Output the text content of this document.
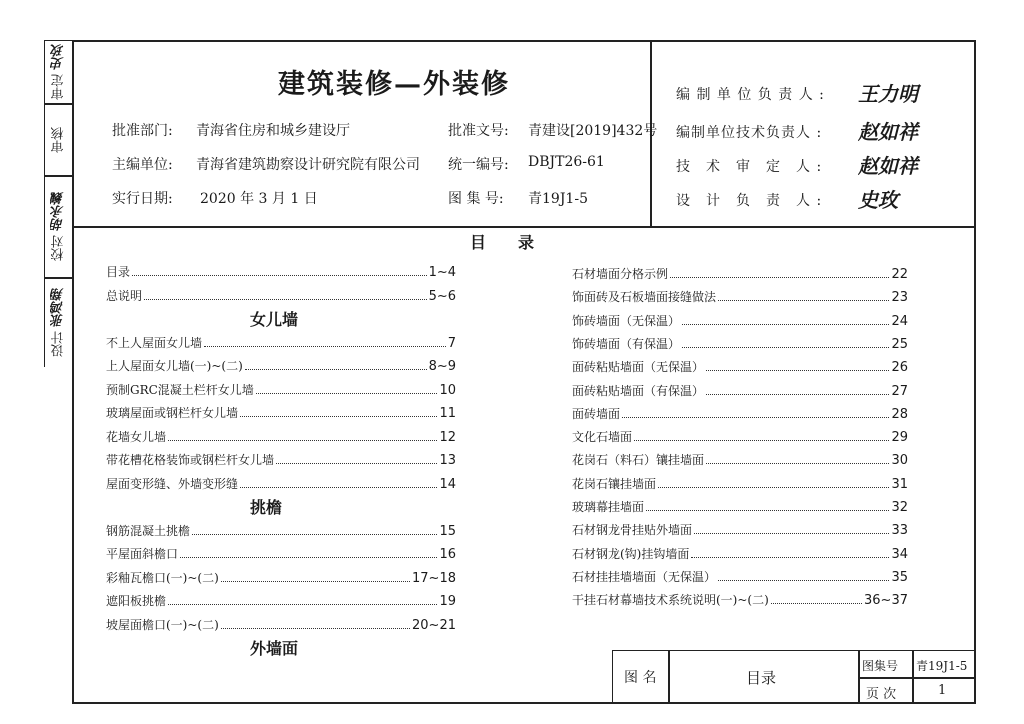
审定
史玫
审核
校对
胡永巍
设计
张鸿翔
建筑装修—外装修
批准部门: 青海省住房和城乡建设厅	批准文号: 青建设[2019]432号
主编单位: 青海省建筑勘察设计研究院有限公司 统一编号: DBJT26-61
实行日期: 2020 年 3 月 1 日	图 集 号: 青19J1-5
编 制 单 位 负 责 人 : 王力明
编制单位技术负责人 : 赵如祥
技　术　审　定　人 : 赵如祥
设　计　负　责　人 : 史玫
目　　录
目录	1~4
总说明	5~6
女儿墙
不上人屋面女儿墙	7
上人屋面女儿墙(一)~(二)	8~9
预制GRC混凝土栏杆女儿墙	10
玻璃屋面或钢栏杆女儿墙	11
花墙女儿墙	12
带花槽花格装饰或钢栏杆女儿墙	13
屋面变形缝、外墙变形缝	14
挑檐
钢筋混凝土挑檐	15
平屋面斜檐口	16
彩釉瓦檐口(一)~(二)	17~18
遮阳板挑檐	19
坡屋面檐口(一)~(二)	20~21
外墙面
石材墙面分格示例	22
饰面砖及石板墙面接缝做法	23
饰砖墙面（无保温）	24
饰砖墙面（有保温）	25
面砖粘贴墙面（无保温）	26
面砖粘贴墙面（有保温）	27
面砖墙面	28
文化石墙面	29
花岗石（料石）镶挂墙面	30
花岗石镶挂墙面	31
玻璃幕挂墙面	32
石材钢龙骨挂贴外墙面	33
石材钢龙(钩)挂钩墙面	34
石材挂挂墙墙面（无保温）	35
干挂石材幕墙技术系统说明(一)~(二)	36~37
图 名	目录
图集号 青19J1-5
页 次	1
